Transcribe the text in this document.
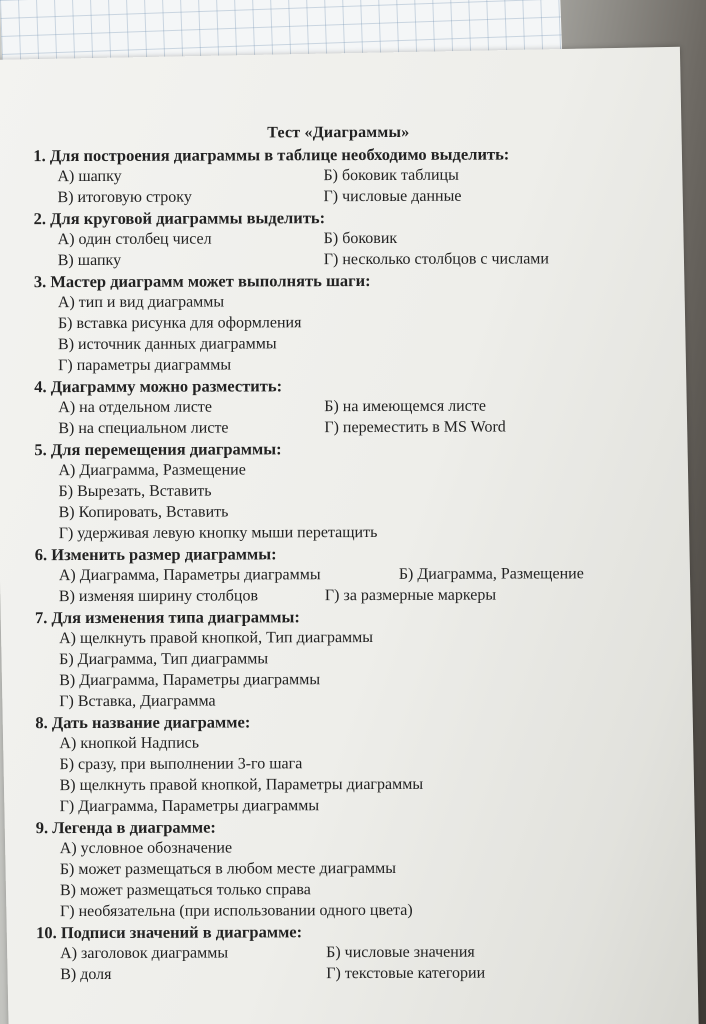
Тест «Диаграммы»
1. Для построения диаграммы в таблице необходимо выделить:
А) шапку	Б) боковик таблицы
В) итоговую строку	Г) числовые данные
2. Для круговой диаграммы выделить:
А) один столбец чисел	Б) боковик
В) шапку	Г) несколько столбцов с числами
3. Мастер диаграмм может выполнять шаги:
А) тип и вид диаграммы
Б) вставка рисунка для оформления
В) источник данных диаграммы
Г) параметры диаграммы
4. Диаграмму можно разместить:
А) на отдельном листе	Б) на имеющемся листе
В) на специальном листе	Г) переместить в MS Word
5. Для перемещения диаграммы:
А) Диаграмма, Размещение
Б) Вырезать, Вставить
В) Копировать, Вставить
Г) удерживая левую кнопку мыши перетащить
6. Изменить размер диаграммы:
А) Диаграмма, Параметры диаграммы	Б) Диаграмма, Размещение
В) изменяя ширину столбцов	Г) за размерные маркеры
7. Для изменения типа диаграммы:
А) щелкнуть правой кнопкой, Тип диаграммы
Б) Диаграмма, Тип диаграммы
В) Диаграмма, Параметры диаграммы
Г) Вставка, Диаграмма
8. Дать название диаграмме:
А) кнопкой Надпись
Б) сразу, при выполнении 3-го шага
В) щелкнуть правой кнопкой, Параметры диаграммы
Г) Диаграмма, Параметры диаграммы
9. Легенда в диаграмме:
А) условное обозначение
Б) может размещаться в любом месте диаграммы
В) может размещаться только справа
Г) необязательна (при использовании одного цвета)
10. Подписи значений в диаграмме:
А) заголовок диаграммы	Б) числовые значения
В) доля	Г) текстовые категории
